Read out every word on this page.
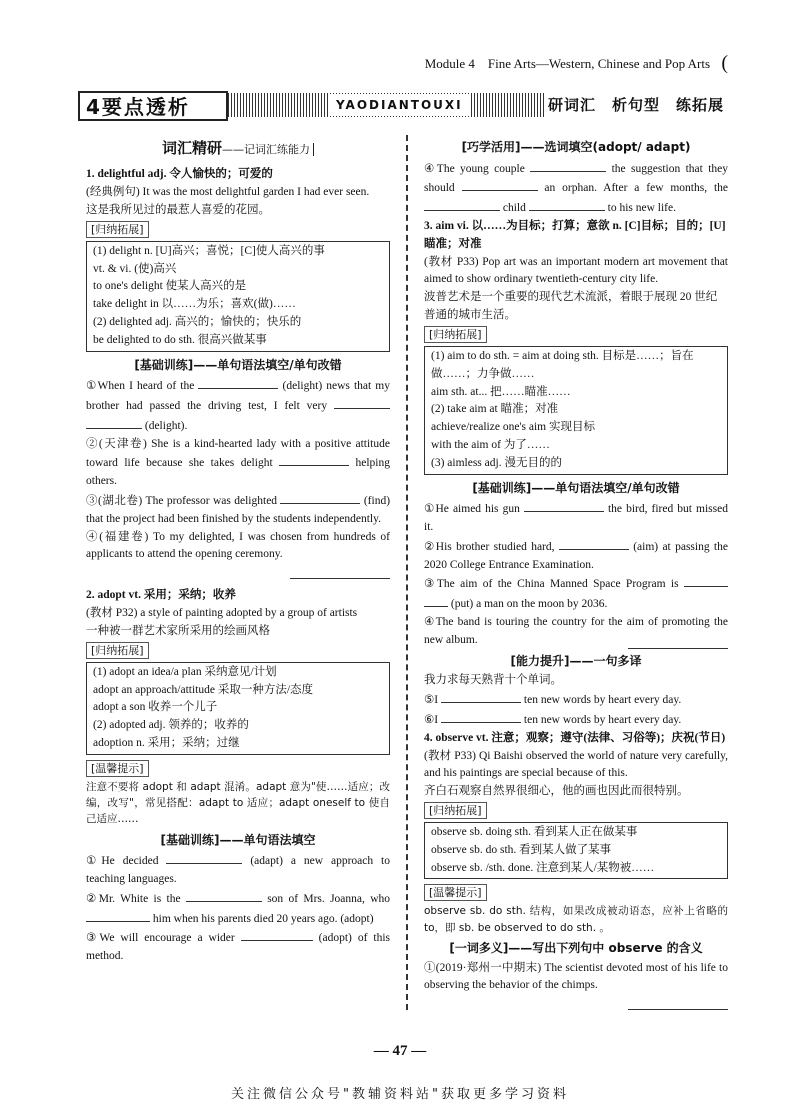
Module 4　Fine Arts—Western, Chinese and Pop Arts (
4要点透析	YAODIANTOUXI	研词汇　析句型　练拓展
词汇精研——记词汇练能力
1. delightful adj. 令人愉快的；可爱的
(经典例句) It was the most delightful garden I had ever seen.
这是我所见过的最惹人喜爱的花园。
[归纳拓展]
(1) delight n. [U]高兴；喜悦；[C]使人高兴的事
vt. & vi. (使)高兴
to one's delight 使某人高兴的是
take delight in 以……为乐；喜欢(做)……
(2) delighted adj. 高兴的；愉快的；快乐的
be delighted to do sth. 很高兴做某事
[基础训练]——单句语法填空/单句改错
①When I heard of the	(delight) news that my brother had passed the driving test, I felt very   (delight).
②(天津卷) She is a kind-hearted lady with a positive attitude toward life because she takes delight	helping others.
③(湖北卷) The professor was delighted	(find) that the project had been finished by the students independently.
④(福建卷) To my delighted, I was chosen from hundreds of applicants to attend the opening ceremony.
2. adopt vt. 采用；采纳；收养
(教材 P32) a style of painting adopted by a group of artists
一种被一群艺术家所采用的绘画风格
[归纳拓展]
(1) adopt an idea/a plan 采纳意见/计划
adopt an approach/attitude 采取一种方法/态度
adopt a son 收养一个儿子
(2) adopted adj. 领养的；收养的
adoption n. 采用；采纳；过继
[温馨提示]
注意不要将 adopt 和 adapt 混淆。adapt 意为"使……适应；改编，改写"，常见搭配：adapt to 适应；adapt oneself to 使自己适应……
[基础训练]——单句语法填空
①He decided	(adapt) a new approach to teaching languages.
②Mr. White is the	son of Mrs. Joanna, who  him when his parents died 20 years ago. (adopt)
③We will encourage a wider	(adopt) of this method.
[巧学活用]——选词填空(adopt/ adapt)
④The young couple	the suggestion that they should	an orphan. After a few months, the  child	to his new life.
3. aim vi. 以……为目标；打算；意欲 n. [C]目标；目的；[U]瞄准；对准
(教材 P33) Pop art was an important modern art movement that aimed to show ordinary twentieth-century city life.
波普艺术是一个重要的现代艺术流派，着眼于展现 20 世纪普通的城市生活。
[归纳拓展]
(1) aim to do sth. = aim at doing sth. 目标是……；旨在做……；力争做……
aim sth. at... 把……瞄准……
(2) take aim at 瞄准；对准
achieve/realize one's aim 实现目标
with the aim of 为了……
(3) aimless adj. 漫无目的的
[基础训练]——单句语法填空/单句改错
①He aimed his gun	the bird, fired but missed it.
②His brother studied hard,	(aim) at passing the 2020 College Entrance Examination.
③The aim of the China Manned Space Program is   (put) a man on the moon by 2036.
④The band is touring the country for the aim of promoting the new album.
[能力提升]——一句多译
我力求每天熟背十个单词。
⑤I	ten new words by heart every day.
⑥I	ten new words by heart every day.
4. observe vt. 注意；观察；遵守(法律、习俗等)；庆祝(节日)
(教材 P33) Qi Baishi observed the world of nature very carefully, and his paintings are special because of this.
齐白石观察自然界很细心，他的画也因此而很特别。
[归纳拓展]
observe sb. doing sth. 看到某人正在做某事
observe sb. do sth. 看到某人做了某事
observe sb. /sth. done. 注意到某人/某物被……
[温馨提示]
observe sb. do sth. 结构，如果改成被动语态，应补上省略的 to，即 sb. be observed to do sth. 。
[一词多义]——写出下列句中 observe 的含义
①(2019·郑州一中期末) The scientist devoted most of his life to observing the behavior of the chimps.
— 47 —
关注微信公众号"教辅资料站"获取更多学习资料
